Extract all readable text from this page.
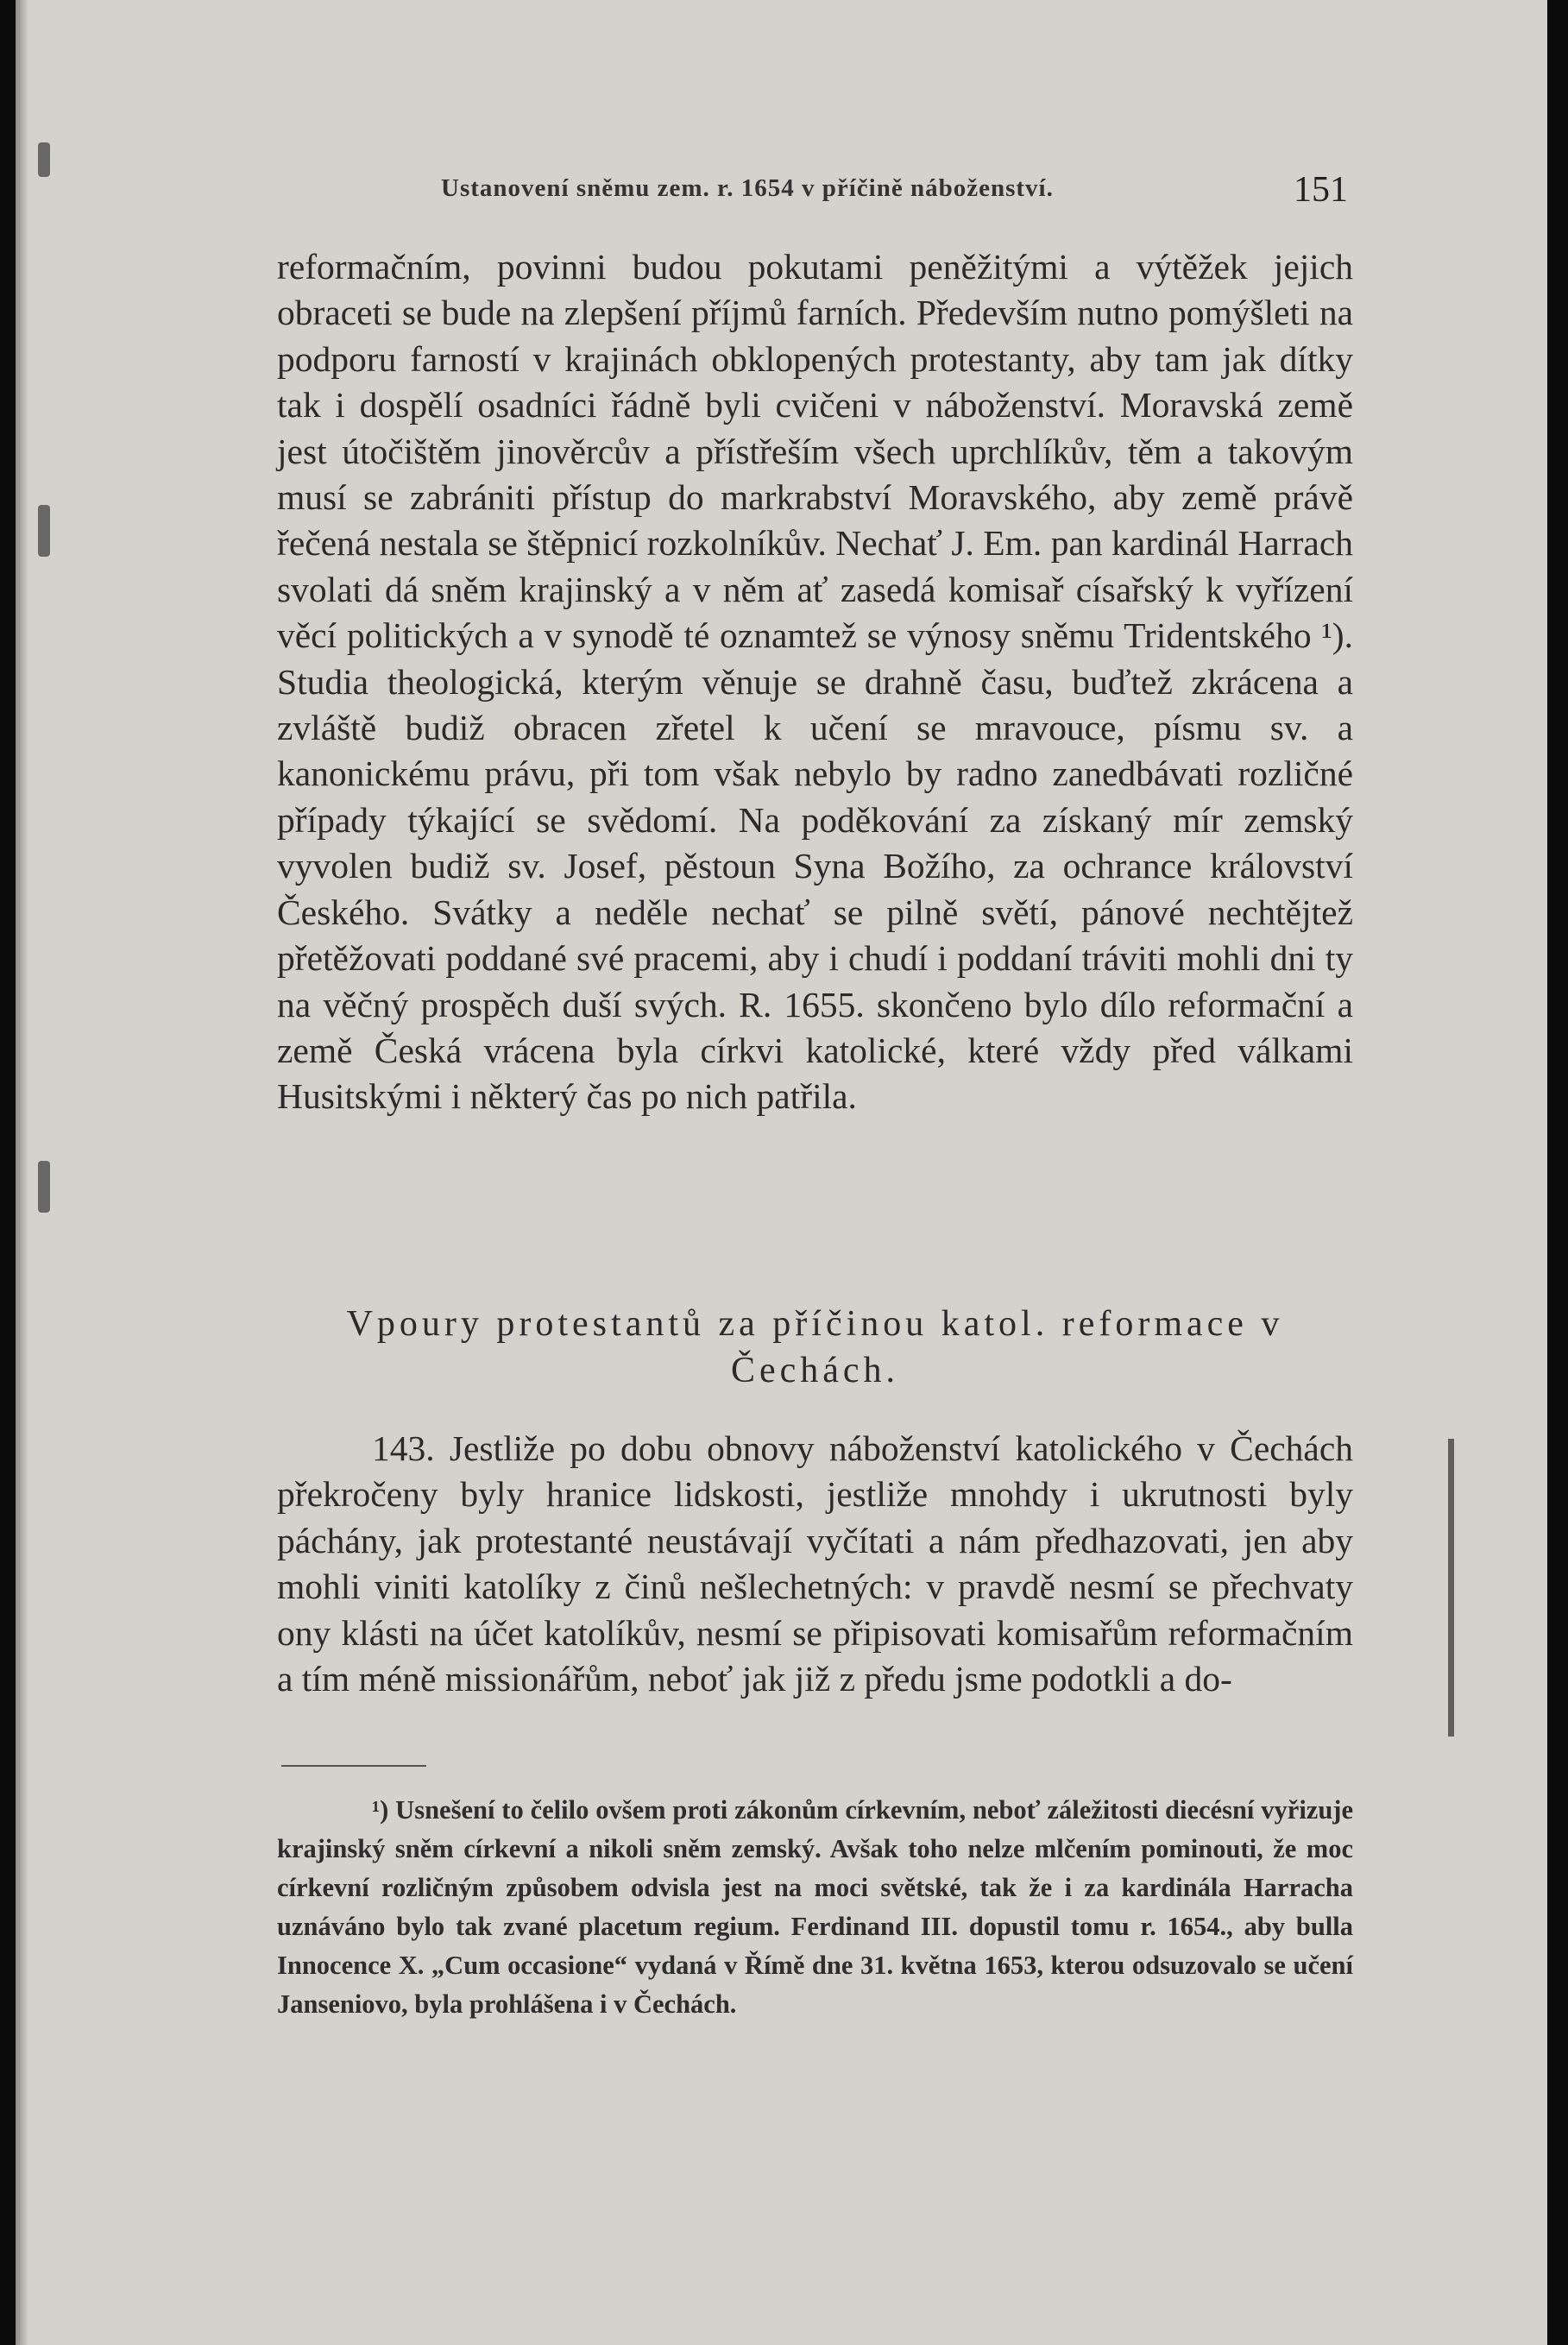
Ustanovení sněmu zem. r. 1654 v příčině náboženství.	151

reformačním, povinni budou pokutami peněžitými a výtěžek jejich obraceti se bude na zlepšení příjmů farních. Především nutno pomýšleti na podporu farností v krajinách obklopených protestanty, aby tam jak dítky tak i dospělí osadníci řádně byli cvičeni v náboženství. Moravská země jest útočištěm jinověrcův a přístřeším všech uprchlíkův, těm a takovým musí se zabrániti přístup do markrabství Moravského, aby země právě řečená nestala se štěpnicí rozkolníkův. Nechať J. Em. pan kardinál Harrach svolati dá sněm krajinský a v něm ať zasedá komisař císařský k vyřízení věcí politických a v synodě té oznamtež se výnosy sněmu Tridentského ¹). Studia theologická, kterým věnuje se drahně času, buďtež zkrácena a zvláště budiž obracen zřetel k učení se mravouce, písmu sv. a kanonickému právu, při tom však nebylo by radno zanedbávati rozličné případy týkající se svědomí. Na poděkování za získaný mír zemský vyvolen budiž sv. Josef, pěstoun Syna Božího, za ochrance království Českého. Svátky a neděle nechať se pilně světí, pánové nechtějtež přetěžovati poddané své pracemi, aby i chudí i poddaní tráviti mohli dni ty na věčný prospěch duší svých. R. 1655. skončeno bylo dílo reformační a země Česká vrácena byla církvi katolické, které vždy před válkami Husitskými i některý čas po nich patřila.

Vpoury protestantů za příčinou katol. reformace v Čechách.

143. Jestliže po dobu obnovy náboženství katolického v Čechách překročeny byly hranice lidskosti, jestliže mnohdy i ukrutnosti byly páchány, jak protestanté neustávají vyčítati a nám předhazovati, jen aby mohli viniti katolíky z činů nešlechetných: v pravdě nesmí se přechvaty ony klásti na účet katolíkův, nesmí se připisovati komisařům reformačním a tím méně missionářům, neboť jak již z předu jsme podotkli a do-

¹) Usnešení to čelilo ovšem proti zákonům církevním, neboť záležitosti diecésní vyřizuje krajinský sněm církevní a nikoli sněm zemský. Avšak toho nelze mlčením pominouti, že moc církevní rozličným způsobem odvisla jest na moci světské, tak že i za kardinála Harracha uznáváno bylo tak zvané placetum regium. Ferdinand III. dopustil tomu r. 1654., aby bulla Innocence X. „Cum occasione“ vydaná v Římě dne 31. května 1653, kterou odsuzovalo se učení Janseniovo, byla prohlášena i v Čechách.
